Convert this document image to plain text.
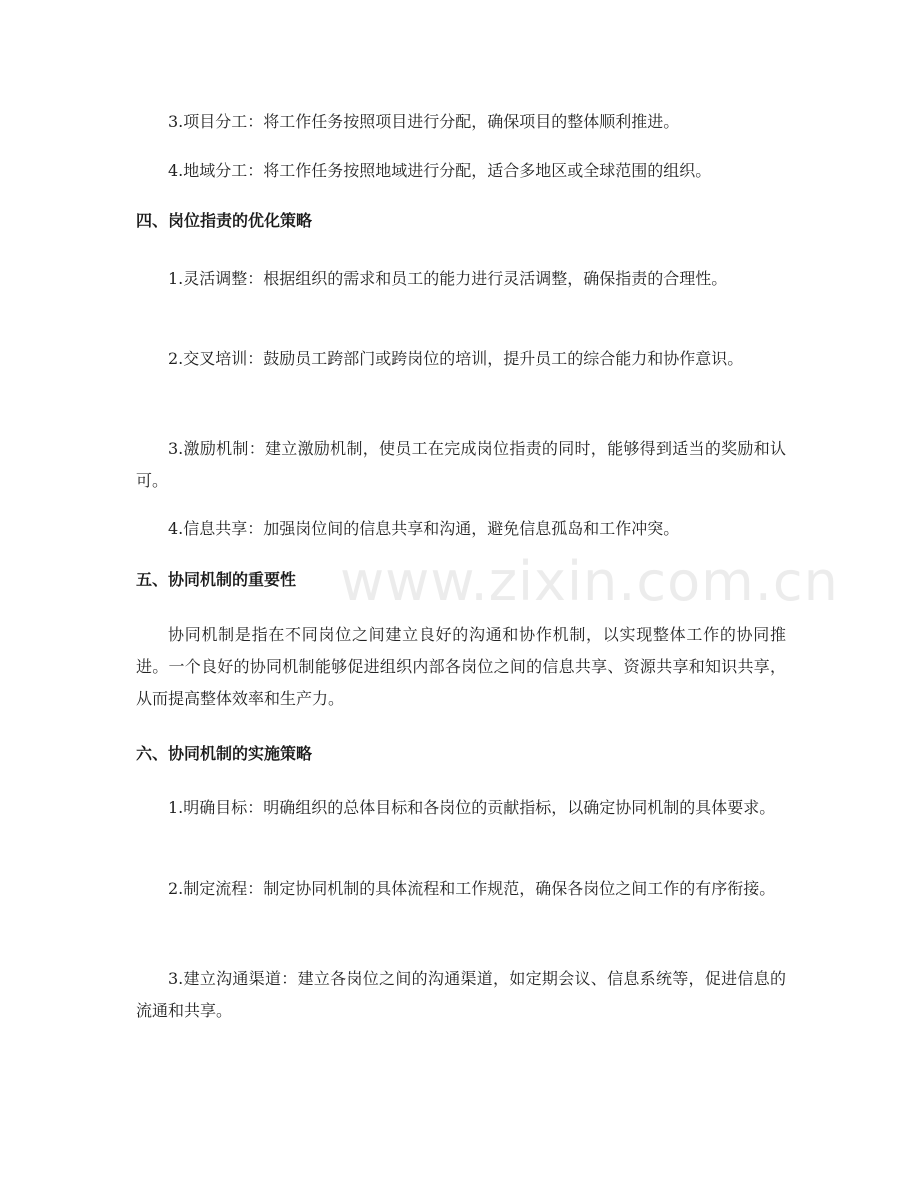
3.项目分工：将工作任务按照项目进行分配，确保项目的整体顺利推进。

4.地域分工：将工作任务按照地域进行分配，适合多地区或全球范围的组织。

四、岗位指责的优化策略

1.灵活调整：根据组织的需求和员工的能力进行灵活调整，确保指责的合理性。

2.交叉培训：鼓励员工跨部门或跨岗位的培训，提升员工的综合能力和协作意识。

3.激励机制：建立激励机制，使员工在完成岗位指责的同时，能够得到适当的奖励和认可。

4.信息共享：加强岗位间的信息共享和沟通，避免信息孤岛和工作冲突。

五、协同机制的重要性

协同机制是指在不同岗位之间建立良好的沟通和协作机制，以实现整体工作的协同推进。一个良好的协同机制能够促进组织内部各岗位之间的信息共享、资源共享和知识共享，从而提高整体效率和生产力。

六、协同机制的实施策略

1.明确目标：明确组织的总体目标和各岗位的贡献指标，以确定协同机制的具体要求。

2.制定流程：制定协同机制的具体流程和工作规范，确保各岗位之间工作的有序衔接。

3.建立沟通渠道：建立各岗位之间的沟通渠道，如定期会议、信息系统等，促进信息的流通和共享。

www.zixin.com.cn
